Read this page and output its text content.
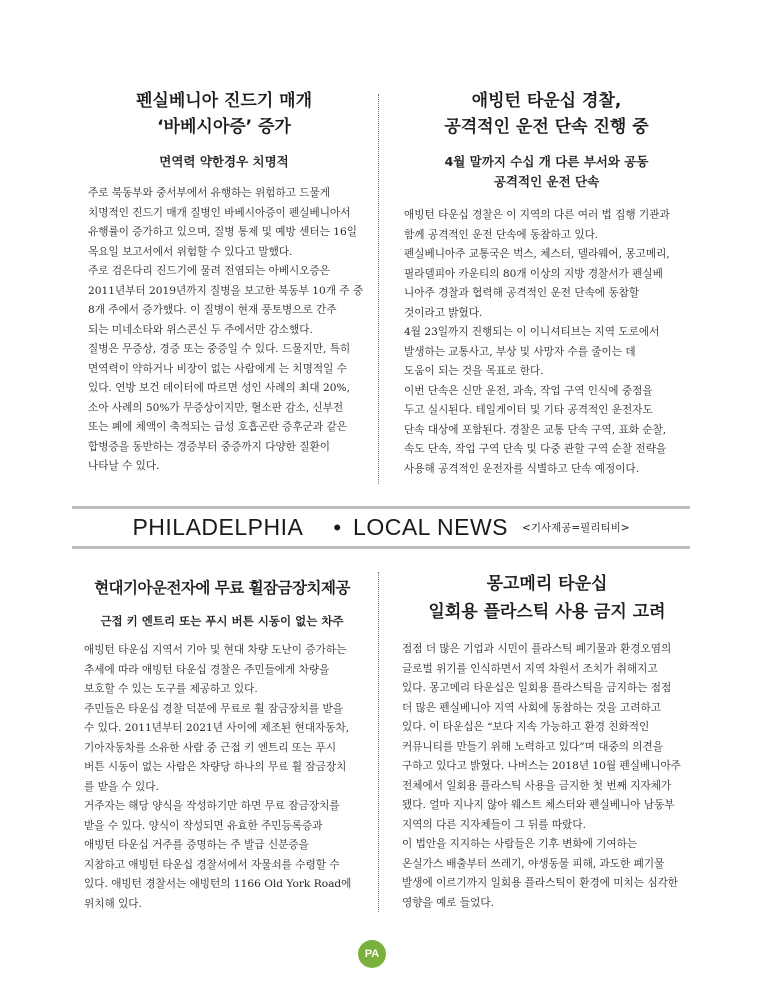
펜실베니아 진드기 매개
‘바베시아증’ 증가
면역력 약한경우 치명적

주로 북동부와 중서부에서 유행하는 위험하고 드물게
치명적인 진드기 매개 질병인 바베시아증이 펜실베니아서
유행률이 증가하고 있으며, 질병 통제 및 예방 센터는 16일
목요일 보고서에서 위험할 수 있다고 말했다.

주로 검은다리 진드기에 물려 전염되는 아베시오증은
2011년부터 2019년까지 질병을 보고한 북동부 10개 주 중
8개 주에서 증가했다. 이 질병이 현재 풍토병으로 간주
되는 미네소타와 위스콘신 두 주에서만 감소했다.

질병은 무증상, 경증 또는 중증일 수 있다. 드물지만, 특히
면역력이 약하거나 비장이 없는 사람에게 는 치명적일 수
있다. 연방 보건 데이터에 따르면 성인 사례의 최대 20%,
소아 사례의 50%가 무증상이지만, 혈소판 감소, 신부전
또는 폐에 체액이 축적되는 급성 호흡곤란 증후군과 같은
합병증을 동반하는 경증부터 중증까지 다양한 질환이
나타날 수 있다.

애빙턴 타운십 경찰,
공격적인 운전 단속 진행 중
4월 말까지 수십 개 다른 부서와 공동
공격적인 운전 단속

애빙턴 타운십 경찰은 이 지역의 다른 여러 법 집행 기관과
함께 공격적인 운전 단속에 동참하고 있다.

펜실베니아주 교통국은 벅스, 체스터, 델라웨어, 몽고메리,
필라델피아 카운티의 80개 이상의 지방 경찰서가 펜실베
니아주 경찰과 협력해 공격적인 운전 단속에 동참할
것이라고 밝혔다.

4월 23일까지 진행되는 이 이니셔티브는 지역 도로에서
발생하는 교통사고, 부상 및 사망자 수를 줄이는 데
도움이 되는 것을 목표로 한다.

이번 단속은 신만 운전, 과속, 작업 구역 인식에 중점을
두고 실시된다. 테일게이터 및 기타 공격적인 운전자도
단속 대상에 포함된다. 경찰은 교통 단속 구역, 표화 순찰,
속도 단속, 작업 구역 단속 및 다중 관할 구역 순찰 전략을
사용해 공격적인 운전자를 식별하고 단속 예정이다.

PHILADELPHIA • LOCAL NEWS <기사제공=필리티비>
현대기아운전자에 무료 휠잠금장치제공
근접 키 엔트리 또는 푸시 버튼 시동이 없는 차주

애빙턴 타운십 지역서 기아 및 현대 차량 도난이 증가하는
추세에 따라 애빙턴 타운십 경찰은 주민들에게 차량을
보호할 수 있는 도구를 제공하고 있다.

주민들은 타운십 경찰 덕분에 무료로 휠 잠금장치를 받을
수 있다. 2011년부터 2021년 사이에 제조된 현대자동차,
기아자동차를 소유한 사람 중 근접 키 엔트리 또는 푸시
버튼 시동이 없는 사람은 차량당 하나의 무료 휠 잠금장치
를 받을 수 있다.

거주자는 해당 양식을 작성하기만 하면 무료 잠금장치를
받을 수 있다. 양식이 작성되면 유효한 주민등록증과
애빙턴 타운십 거주를 증명하는 주 발급 신분증을
지참하고 애빙턴 타운십 경찰서에서 자물쇠를 수령할 수
있다. 애빙턴 경찰서는 애빙턴의 1166 Old York Road에
위치해 있다.

몽고메리 타운십
일회용 플라스틱 사용 금지 고려

점점 더 많은 기업과 시민이 플라스틱 폐기물과 환경오염의
글로벌 위기를 인식하면서 지역 차원서 조치가 취해지고
있다. 몽고메리 타운십은 일회용 플라스틱을 금지하는 점점
더 많은 펜실베니아 지역 사회에 동참하는 것을 고려하고
있다. 이 타운십은 “보다 지속 가능하고 환경 친화적인
커뮤니티를 만들기 위해 노력하고 있다”며 대중의 의견을
구하고 있다고 밝혔다. 나버스는 2018년 10월 펜실베니아주
전체에서 일회용 플라스틱 사용을 금지한 첫 번째 지자체가
됐다. 얼마 지나지 않아 웨스트 체스터와 펜실베니아 남동부
지역의 다른 지자체들이 그 뒤를 따랐다.

이 법안을 지지하는 사람들은 기후 변화에 기여하는
온실가스 배출부터 쓰레기, 야생동물 피해, 과도한 폐기물
발생에 이르기까지 일회용 플라스틱이 환경에 미치는 심각한
영향을 예로 들었다.

PA
